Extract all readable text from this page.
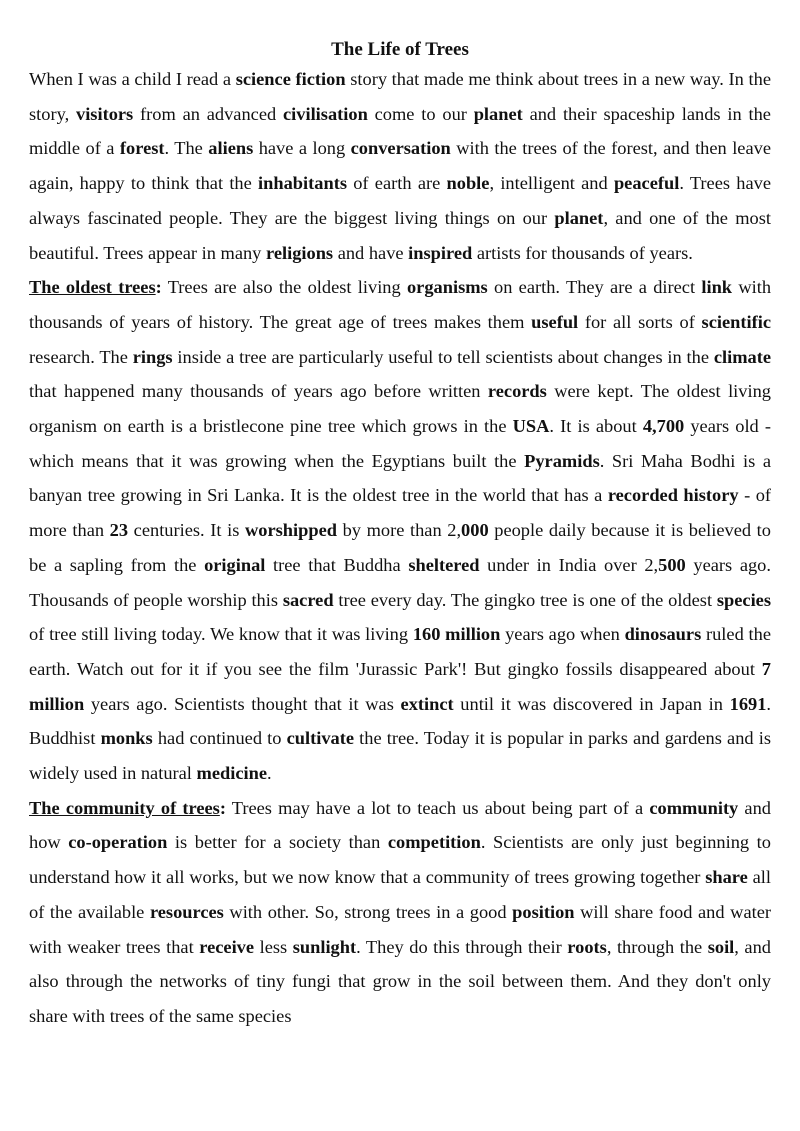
The Life of Trees

When I was a child I read a science fiction story that made me think about trees in a new way. In the story, visitors from an advanced civilisation come to our planet and their spaceship lands in the middle of a forest. The aliens have a long conversation with the trees of the forest, and then leave again, happy to think that the inhabitants of earth are noble, intelligent and peaceful. Trees have always fascinated people. They are the biggest living things on our planet, and one of the most beautiful. Trees appear in many religions and have inspired artists for thousands of years.

The oldest trees: Trees are also the oldest living organisms on earth. They are a direct link with thousands of years of history. The great age of trees makes them useful for all sorts of scientific research. The rings inside a tree are particularly useful to tell scientists about changes in the climate that happened many thousands of years ago before written records were kept. The oldest living organism on earth is a bristlecone pine tree which grows in the USA. It is about 4,700 years old - which means that it was growing when the Egyptians built the Pyramids. Sri Maha Bodhi is a banyan tree growing in Sri Lanka. It is the oldest tree in the world that has a recorded history - of more than 23 centuries. It is worshipped by more than 2,000 people daily because it is believed to be a sapling from the original tree that Buddha sheltered under in India over 2,500 years ago. Thousands of people worship this sacred tree every day. The gingko tree is one of the oldest species of tree still living today. We know that it was living 160 million years ago when dinosaurs ruled the earth. Watch out for it if you see the film 'Jurassic Park'! But gingko fossils disappeared about 7 million years ago. Scientists thought that it was extinct until it was discovered in Japan in 1691. Buddhist monks had continued to cultivate the tree. Today it is popular in parks and gardens and is widely used in natural medicine.

The community of trees: Trees may have a lot to teach us about being part of a community and how co-operation is better for a society than competition. Scientists are only just beginning to understand how it all works, but we now know that a community of trees growing together share all of the available resources with other. So, strong trees in a good position will share food and water with weaker trees that receive less sunlight. They do this through their roots, through the soil, and also through the networks of tiny fungi that grow in the soil between them. And they don't only share with trees of the same species
